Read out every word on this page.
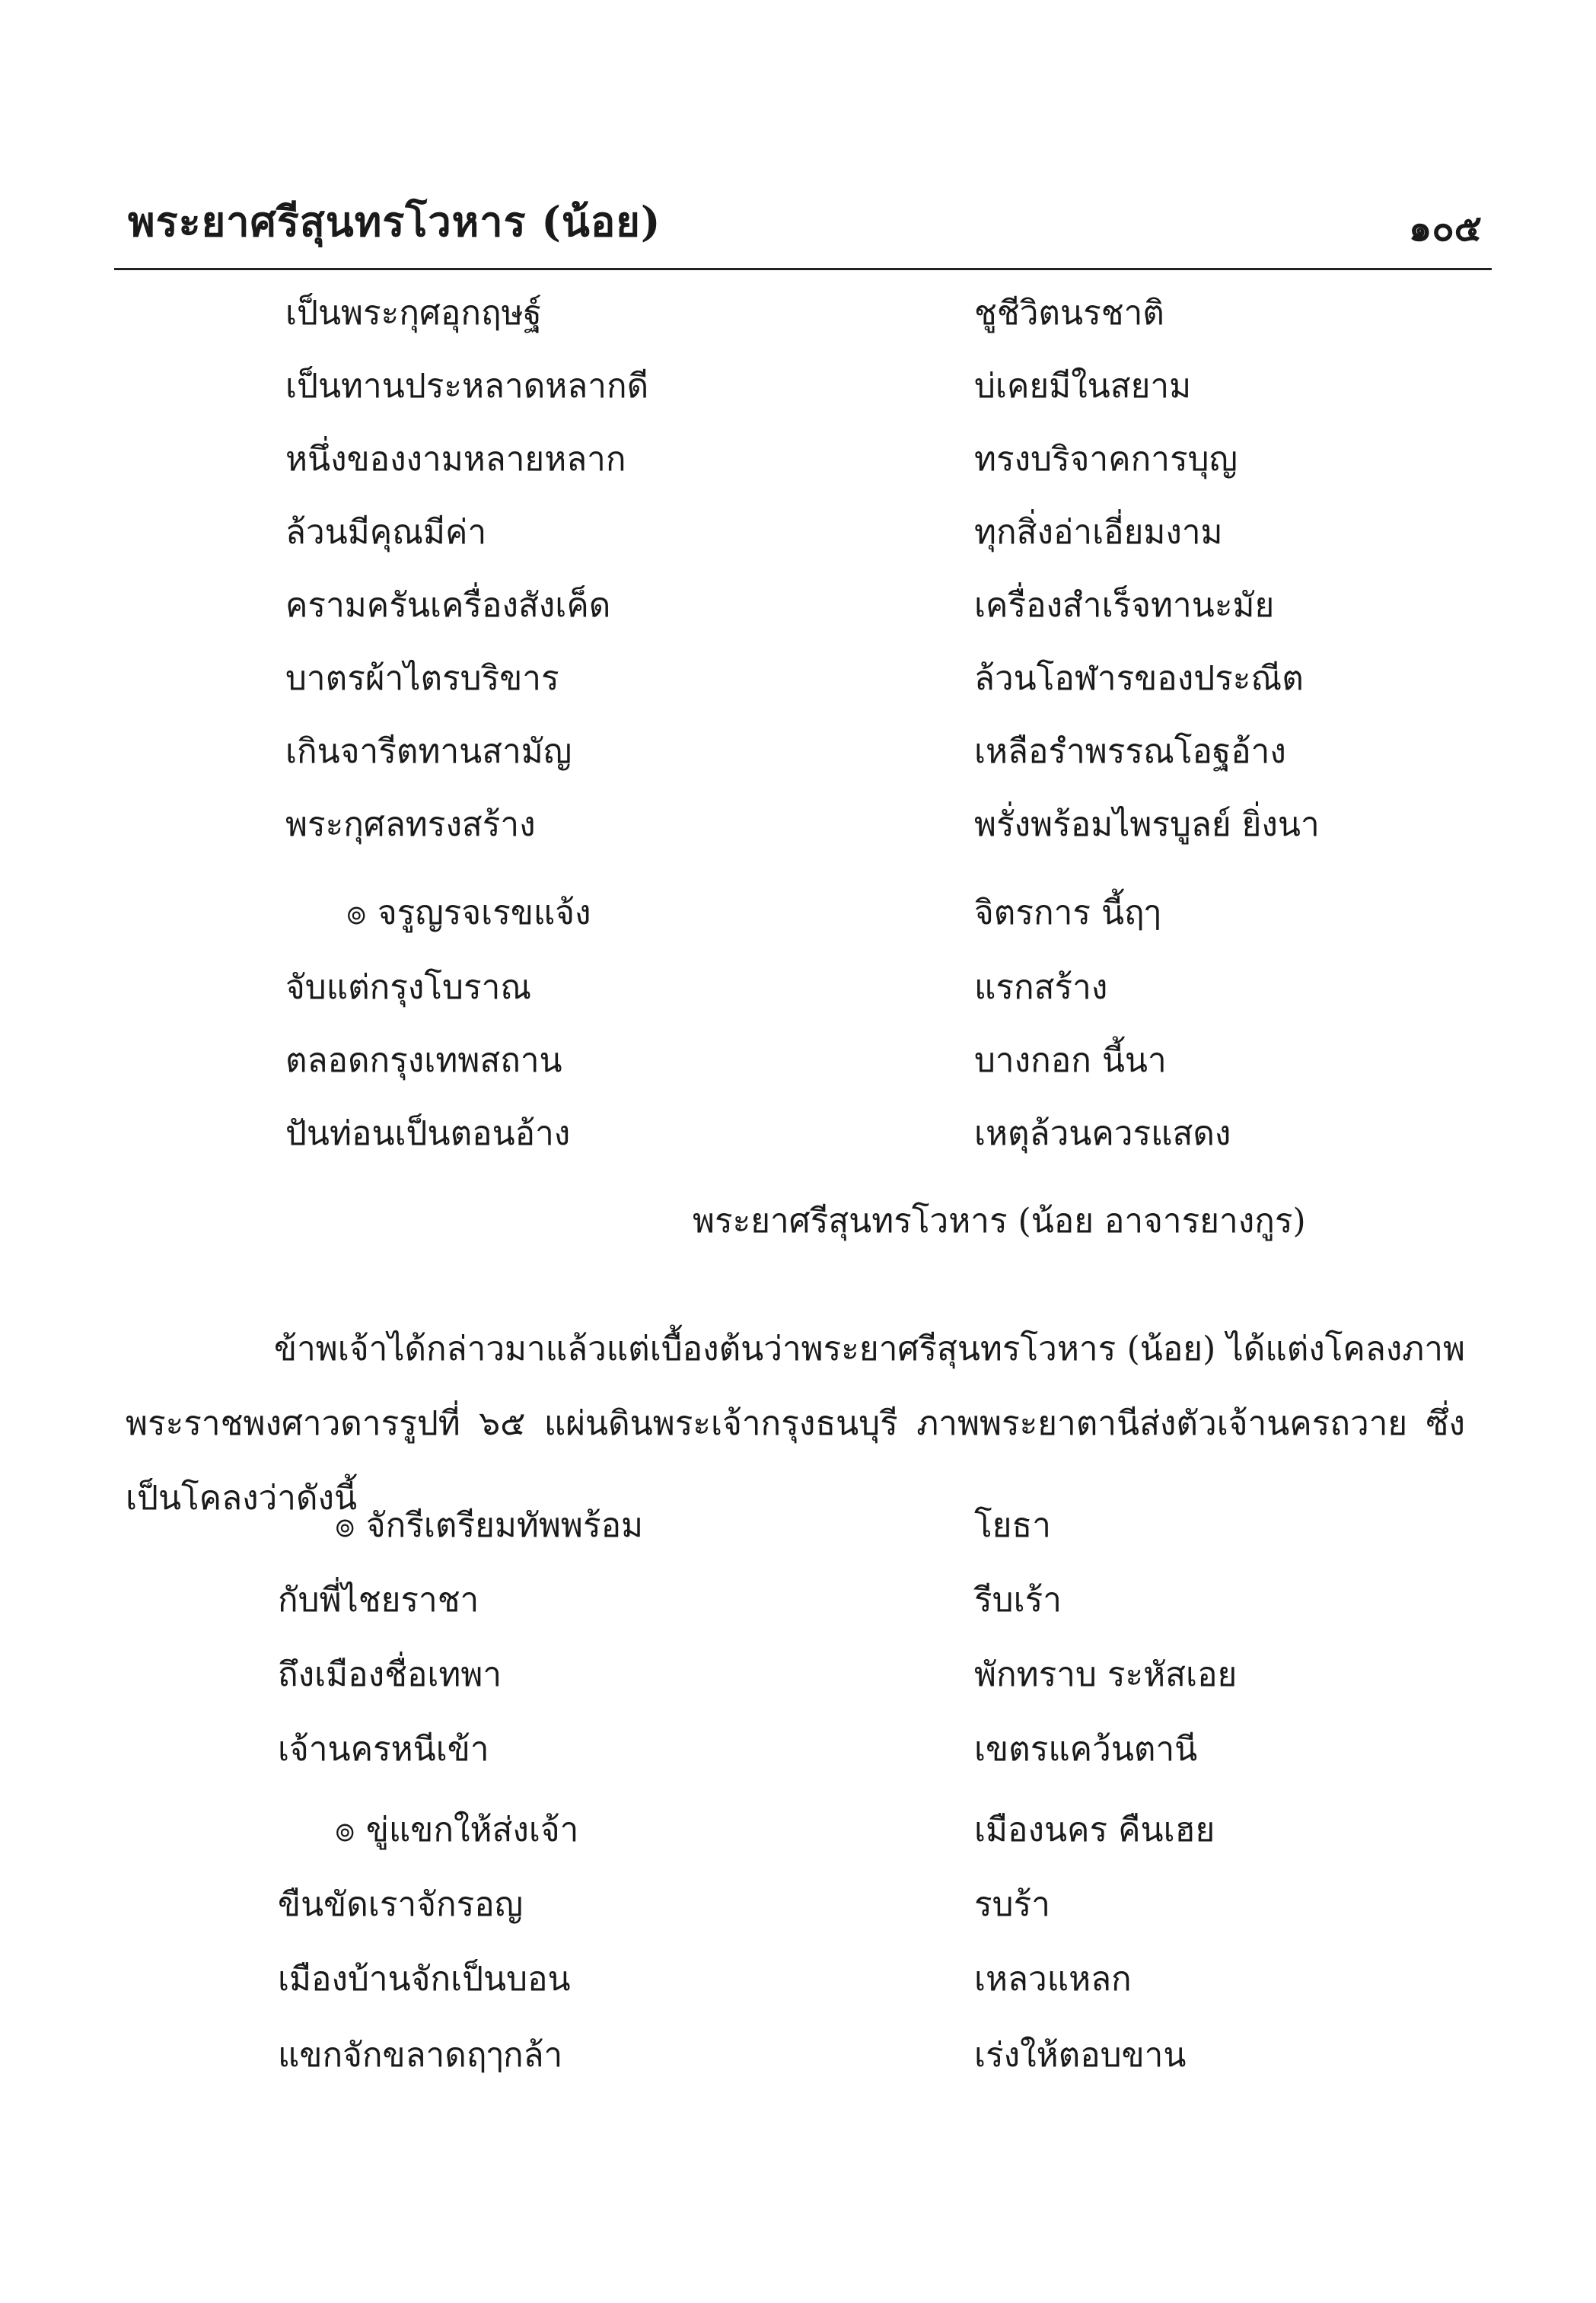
พระยาศรีสุนทรโวหาร (น้อย)	๑๐๕
เป็นพระกุศอุกฤษฐ์	ชูชีวิตนรชาติ
เป็นทานประหลาดหลากดี	บ่เคยมีในสยาม
หนึ่งของงามหลายหลาก	ทรงบริจาคการบุญ
ล้วนมีคุณมีค่า	ทุกสิ่งอ่าเอี่ยมงาม
ครามครันเครื่องสังเค็ด	เครื่องสำเร็จทานะมัย
บาตรผ้าไตรบริขาร	ล้วนโอฬารของประณีต
เกินจารีตทานสามัญ	เหลือรำพรรณโอฐอ้าง
พระกุศลทรงสร้าง	พรั่งพร้อมไพรบูลย์ ยิ่งนา
๏ จรูญรจเรขแจ้ง	จิตรการ นี้ฤๅ
จับแต่กรุงโบราณ	แรกสร้าง
ตลอดกรุงเทพสถาน	บางกอก นี้นา
ปันท่อนเป็นตอนอ้าง	เหตุล้วนควรแสดง
พระยาศรีสุนทรโวหาร (น้อย อาจารยางกูร)

ข้าพเจ้าได้กล่าวมาแล้วแต่เบื้องต้นว่าพระยาศรีสุนทรโวหาร (น้อย) ได้แต่งโคลงภาพพระราชพงศาวดารรูปที่ ๖๕ แผ่นดินพระเจ้ากรุงธนบุรี ภาพพระยาตานีส่งตัวเจ้านครถวาย ซึ่งเป็นโคลงว่าดังนี้

๏ จักรีเตรียมทัพพร้อม	โยธา
กับพี่ไชยราชา	รีบเร้า
ถึงเมืองชื่อเทพา	พักทราบ ระหัสเอย
เจ้านครหนีเข้า	เขตรแคว้นตานี
๏ ขู่แขกให้ส่งเจ้า	เมืองนคร คืนเฮย
ขืนขัดเราจักรอญ	รบร้า
เมืองบ้านจักเป็นบอน	เหลวแหลก
แขกจักขลาดฤๅกล้า	เร่งให้ตอบขาน
